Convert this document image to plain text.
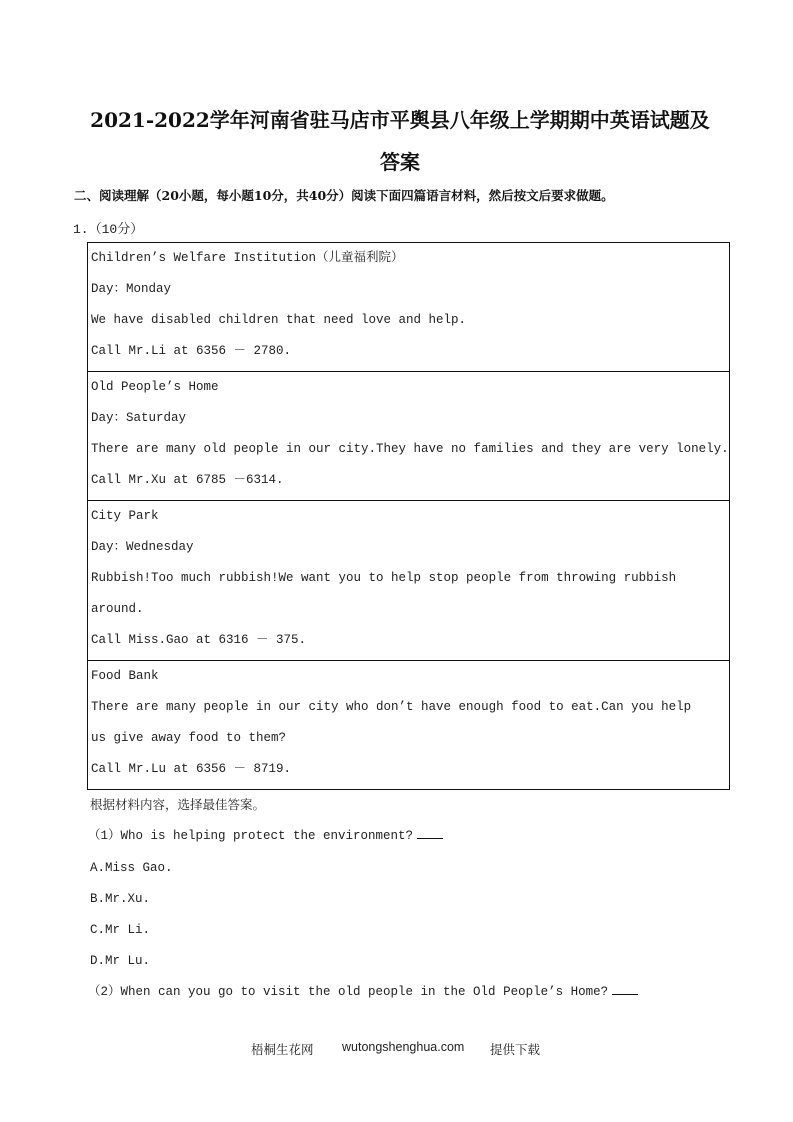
2021-2022学年河南省驻马店市平舆县八年级上学期期中英语试题及
答案
二、阅读理解（20小题，每小题10分，共40分）阅读下面四篇语言材料，然后按文后要求做题。
1.（10分）
Children’s Welfare Institution（儿童福利院）
Day：Monday
We have disabled children that need love and help.
Call Mr.Li at 6356 － 2780.

Old People’s Home
Day：Saturday
There are many old people in our city.They have no families and they are very lonely.
Call Mr.Xu at 6785 －6314.

City Park
Day：Wednesday
Rubbish!Too much rubbish!We want you to help stop people from throwing rubbish
around.
Call Miss.Gao at 6316 － 375.

Food Bank
There are many people in our city who don’t have enough food to eat.Can you help
us give away food to them?
Call Mr.Lu at 6356 － 8719.
根据材料内容，选择最佳答案。
（1）Who is helping protect the environment?
A.Miss Gao.
B.Mr.Xu.
C.Mr Li.
D.Mr Lu.
（2）When can you go to visit the old people in the Old People’s Home?
梧桐生花网 wutongshenghua.com 提供下载
